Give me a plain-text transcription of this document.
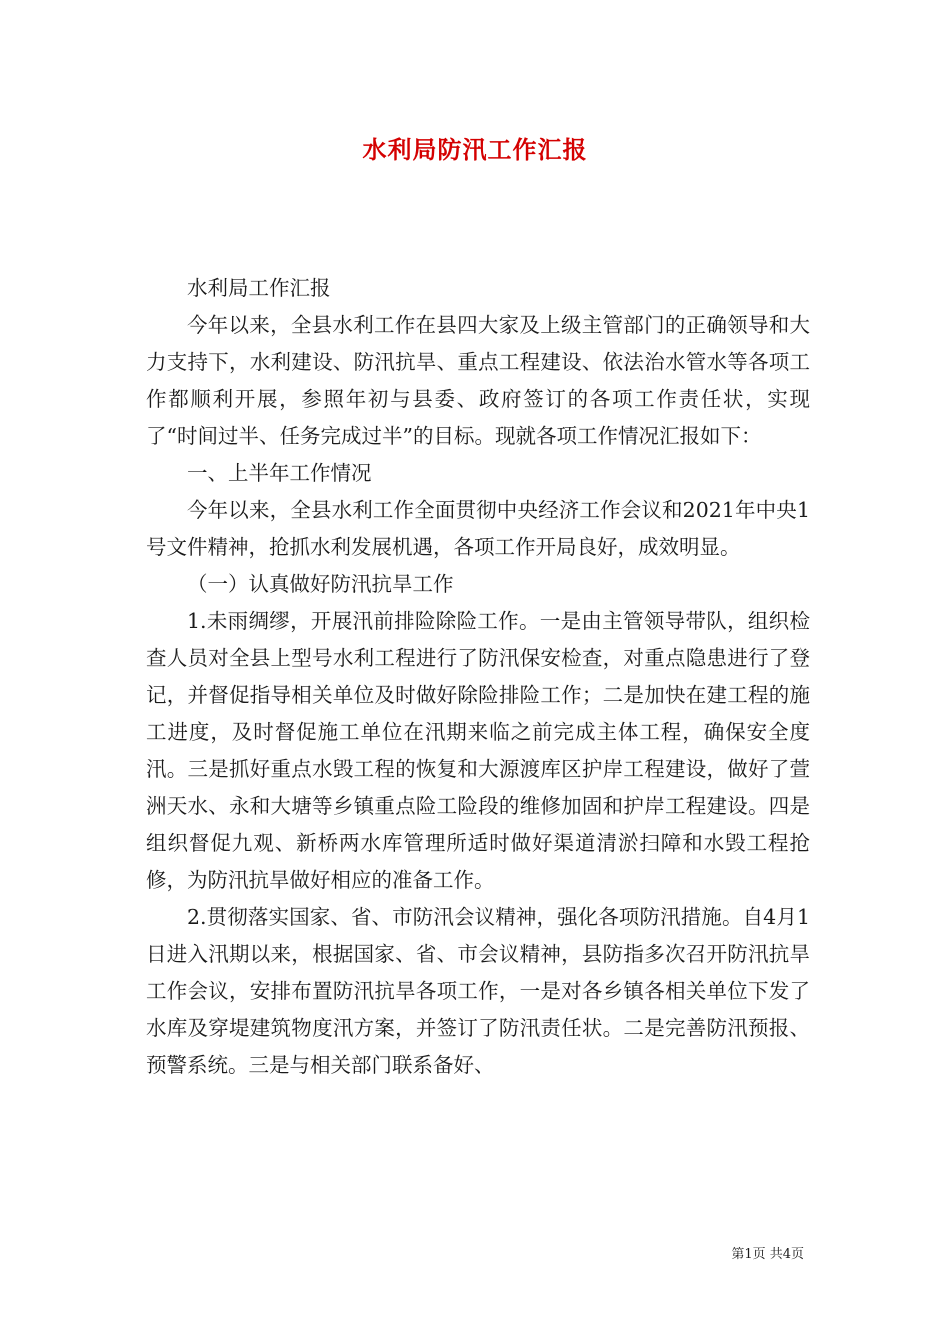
水利局防汛工作汇报

水利局工作汇报

今年以来，全县水利工作在县四大家及上级主管部门的正确领导和大力支持下，水利建设、防汛抗旱、重点工程建设、依法治水管水等各项工作都顺利开展，参照年初与县委、政府签订的各项工作责任状，实现了“时间过半、任务完成过半”的目标。现就各项工作情况汇报如下：

一、上半年工作情况

今年以来，全县水利工作全面贯彻中央经济工作会议和2021年中央1号文件精神，抢抓水利发展机遇，各项工作开局良好，成效明显。

（一）认真做好防汛抗旱工作

1.未雨绸缪，开展汛前排险除险工作。一是由主管领导带队，组织检查人员对全县上型号水利工程进行了防汛保安检查，对重点隐患进行了登记，并督促指导相关单位及时做好除险排险工作；二是加快在建工程的施工进度，及时督促施工单位在汛期来临之前完成主体工程，确保安全度汛。三是抓好重点水毁工程的恢复和大源渡库区护岸工程建设，做好了萱洲天水、永和大塘等乡镇重点险工险段的维修加固和护岸工程建设。四是组织督促九观、新桥两水库管理所适时做好渠道清淤扫障和水毁工程抢修，为防汛抗旱做好相应的准备工作。

2.贯彻落实国家、省、市防汛会议精神，强化各项防汛措施。自4月1日进入汛期以来，根据国家、省、市会议精神，县防指多次召开防汛抗旱工作会议，安排布置防汛抗旱各项工作，一是对各乡镇各相关单位下发了水库及穿堤建筑物度汛方案，并签订了防汛责任状。二是完善防汛预报、预警系统。三是与相关部门联系备好、

第1页 共4页
